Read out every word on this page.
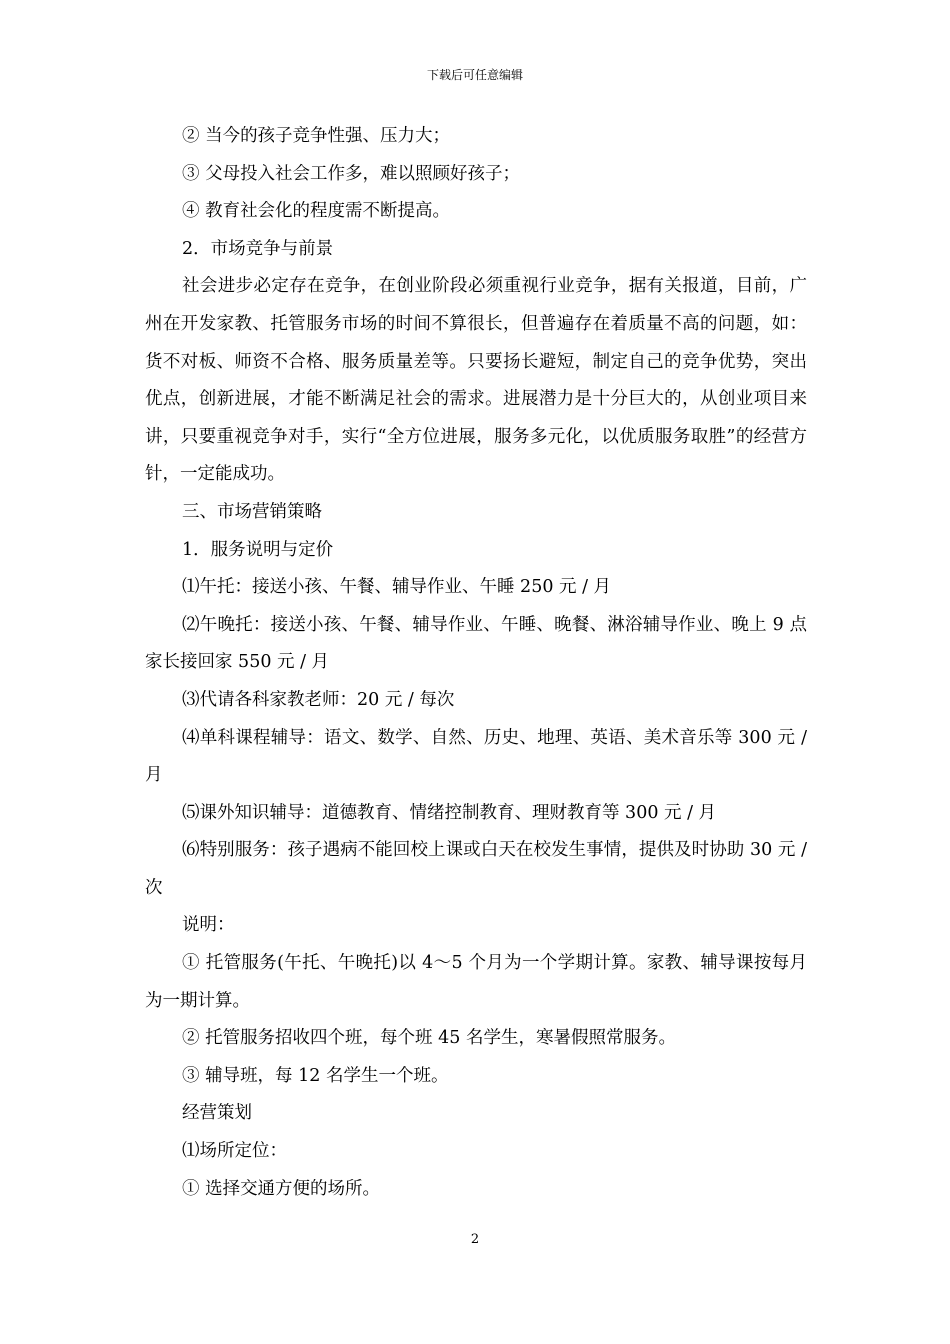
下载后可任意编辑

② 当今的孩子竞争性强、压力大；

③ 父母投入社会工作多，难以照顾好孩子；

④ 教育社会化的程度需不断提高。

2．市场竞争与前景

社会进步必定存在竞争，在创业阶段必须重视行业竞争，据有关报道，目前，广州在开发家教、托管服务市场的时间不算很长，但普遍存在着质量不高的问题，如：货不对板、师资不合格、服务质量差等。只要扬长避短，制定自己的竞争优势，突出优点，创新进展，才能不断满足社会的需求。进展潜力是十分巨大的，从创业项目来讲，只要重视竞争对手，实行“全方位进展，服务多元化，以优质服务取胜”的经营方针，一定能成功。

三、市场营销策略

1．服务说明与定价

⑴午托：接送小孩、午餐、辅导作业、午睡 250 元 / 月

⑵午晚托：接送小孩、午餐、辅导作业、午睡、晚餐、淋浴辅导作业、晚上 9 点家长接回家 550 元 / 月

⑶代请各科家教老师：20 元 / 每次

⑷单科课程辅导：语文、数学、自然、历史、地理、英语、美术音乐等 300 元 / 月

⑸课外知识辅导：道德教育、情绪控制教育、理财教育等 300 元 / 月

⑹特别服务：孩子遇病不能回校上课或白天在校发生事情，提供及时协助 30 元 / 次

说明：

① 托管服务(午托、午晚托)以 4～5 个月为一个学期计算。家教、辅导课按每月为一期计算。

② 托管服务招收四个班，每个班 45 名学生，寒暑假照常服务。

③ 辅导班，每 12 名学生一个班。

经营策划

⑴场所定位：

① 选择交通方便的场所。

2
